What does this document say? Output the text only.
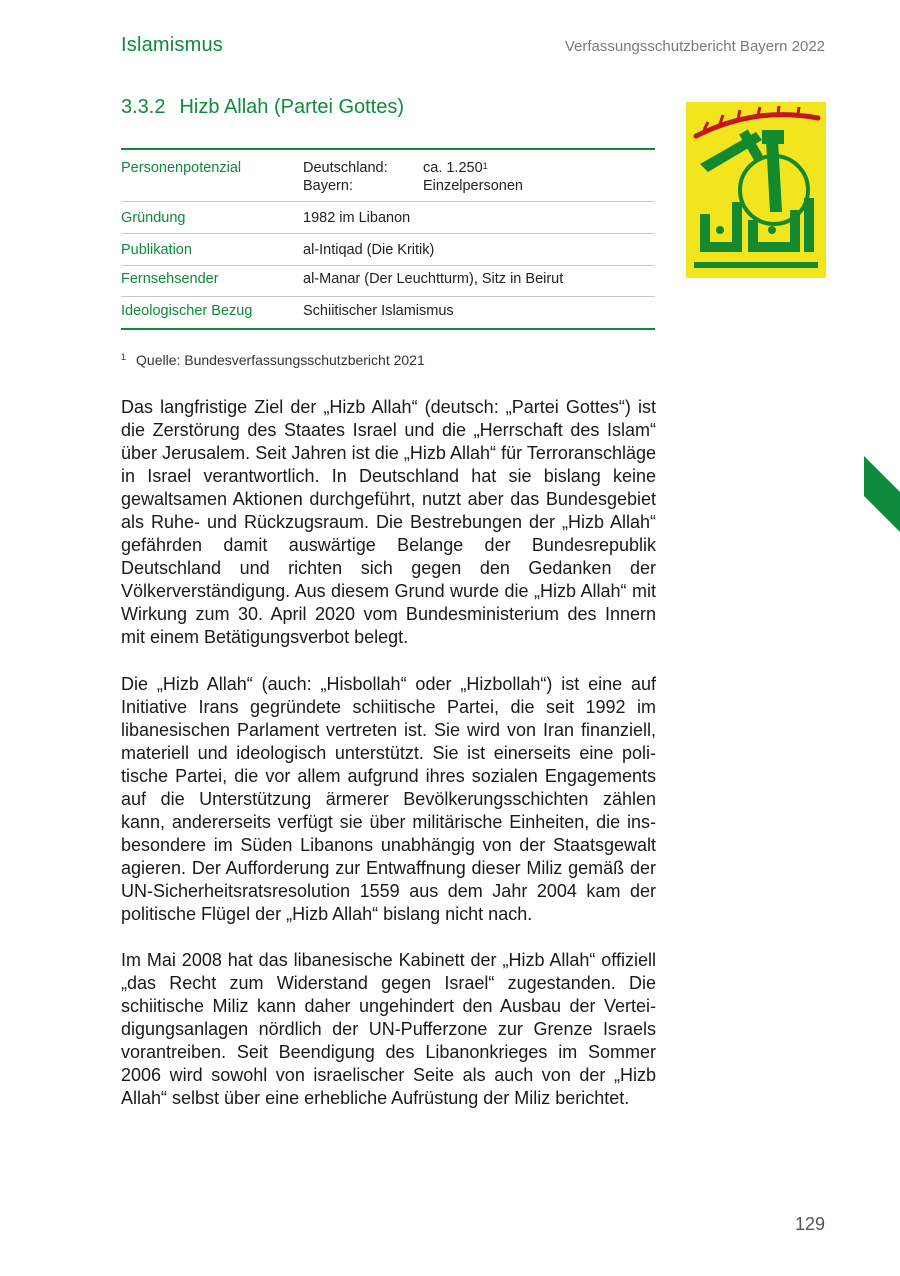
Islamismus	Verfassungsschutzbericht Bayern 2022
3.3.2 Hizb Allah (Partei Gottes)
Personenpotenzial	Deutschland:	ca. 1.250$^1$
Bayern:	Einzelpersonen
Gründung	1982 im Libanon
Publikation	al-Intiqad (Die Kritik)
Fernsehsender	al-Manar (Der Leuchtturm), Sitz in Beirut
Ideologischer Bezug	Schiitischer Islamismus
$^1$ Quelle: Bundesverfassungsschutzbericht 2021

Das langfristige Ziel der „Hizb Allah“ (deutsch: „Partei Gottes“) ist die Zerstörung des Staates Israel und die „Herrschaft des Islam“ über Jerusalem. Seit Jahren ist die „Hizb Allah“ für Terroranschläge in Israel verantwortlich. In Deutschland hat sie bislang keine gewaltsamen Aktionen durchgeführt, nutzt aber das Bundesgebiet als Ruhe- und Rückzugsraum. Die Bestrebungen der „Hizb Allah“ gefährden damit auswärtige Belange der Bundesrepublik Deutschland und richten sich gegen den Gedanken der Völkerverständigung. Aus diesem Grund wurde die „Hizb Allah“ mit Wirkung zum 30. April 2020 vom Bundesministerium des Innern mit einem Betätigungsverbot belegt.

Die „Hizb Allah“ (auch: „Hisbollah“ oder „Hizbollah“) ist eine auf Initiative Irans gegründete schiitische Partei, die seit 1992 im libanesischen Parlament vertreten ist. Sie wird von Iran finanziell, materiell und ideologisch unterstützt. Sie ist einerseits eine politische Partei, die vor allem aufgrund ihres sozialen Engagements auf die Unterstützung ärmerer Bevölkerungsschichten zählen kann, andererseits verfügt sie über militärische Einheiten, die insbesondere im Süden Libanons unabhängig von der Staatsgewalt agieren. Der Aufforderung zur Entwaffnung dieser Miliz gemäß der UN-Sicherheitsratsresolution 1559 aus dem Jahr 2004 kam der politische Flügel der „Hizb Allah“ bislang nicht nach.

Im Mai 2008 hat das libanesische Kabinett der „Hizb Allah“ offiziell „das Recht zum Widerstand gegen Israel“ zugestanden. Die schiitische Miliz kann daher ungehindert den Ausbau der Verteidigungsanlagen nördlich der UN-Pufferzone zur Grenze Israels vorantreiben. Seit Beendigung des Libanonkrieges im Sommer 2006 wird sowohl von israelischer Seite als auch von der „Hizb Allah“ selbst über eine erhebliche Aufrüstung der Miliz berichtet.

129
